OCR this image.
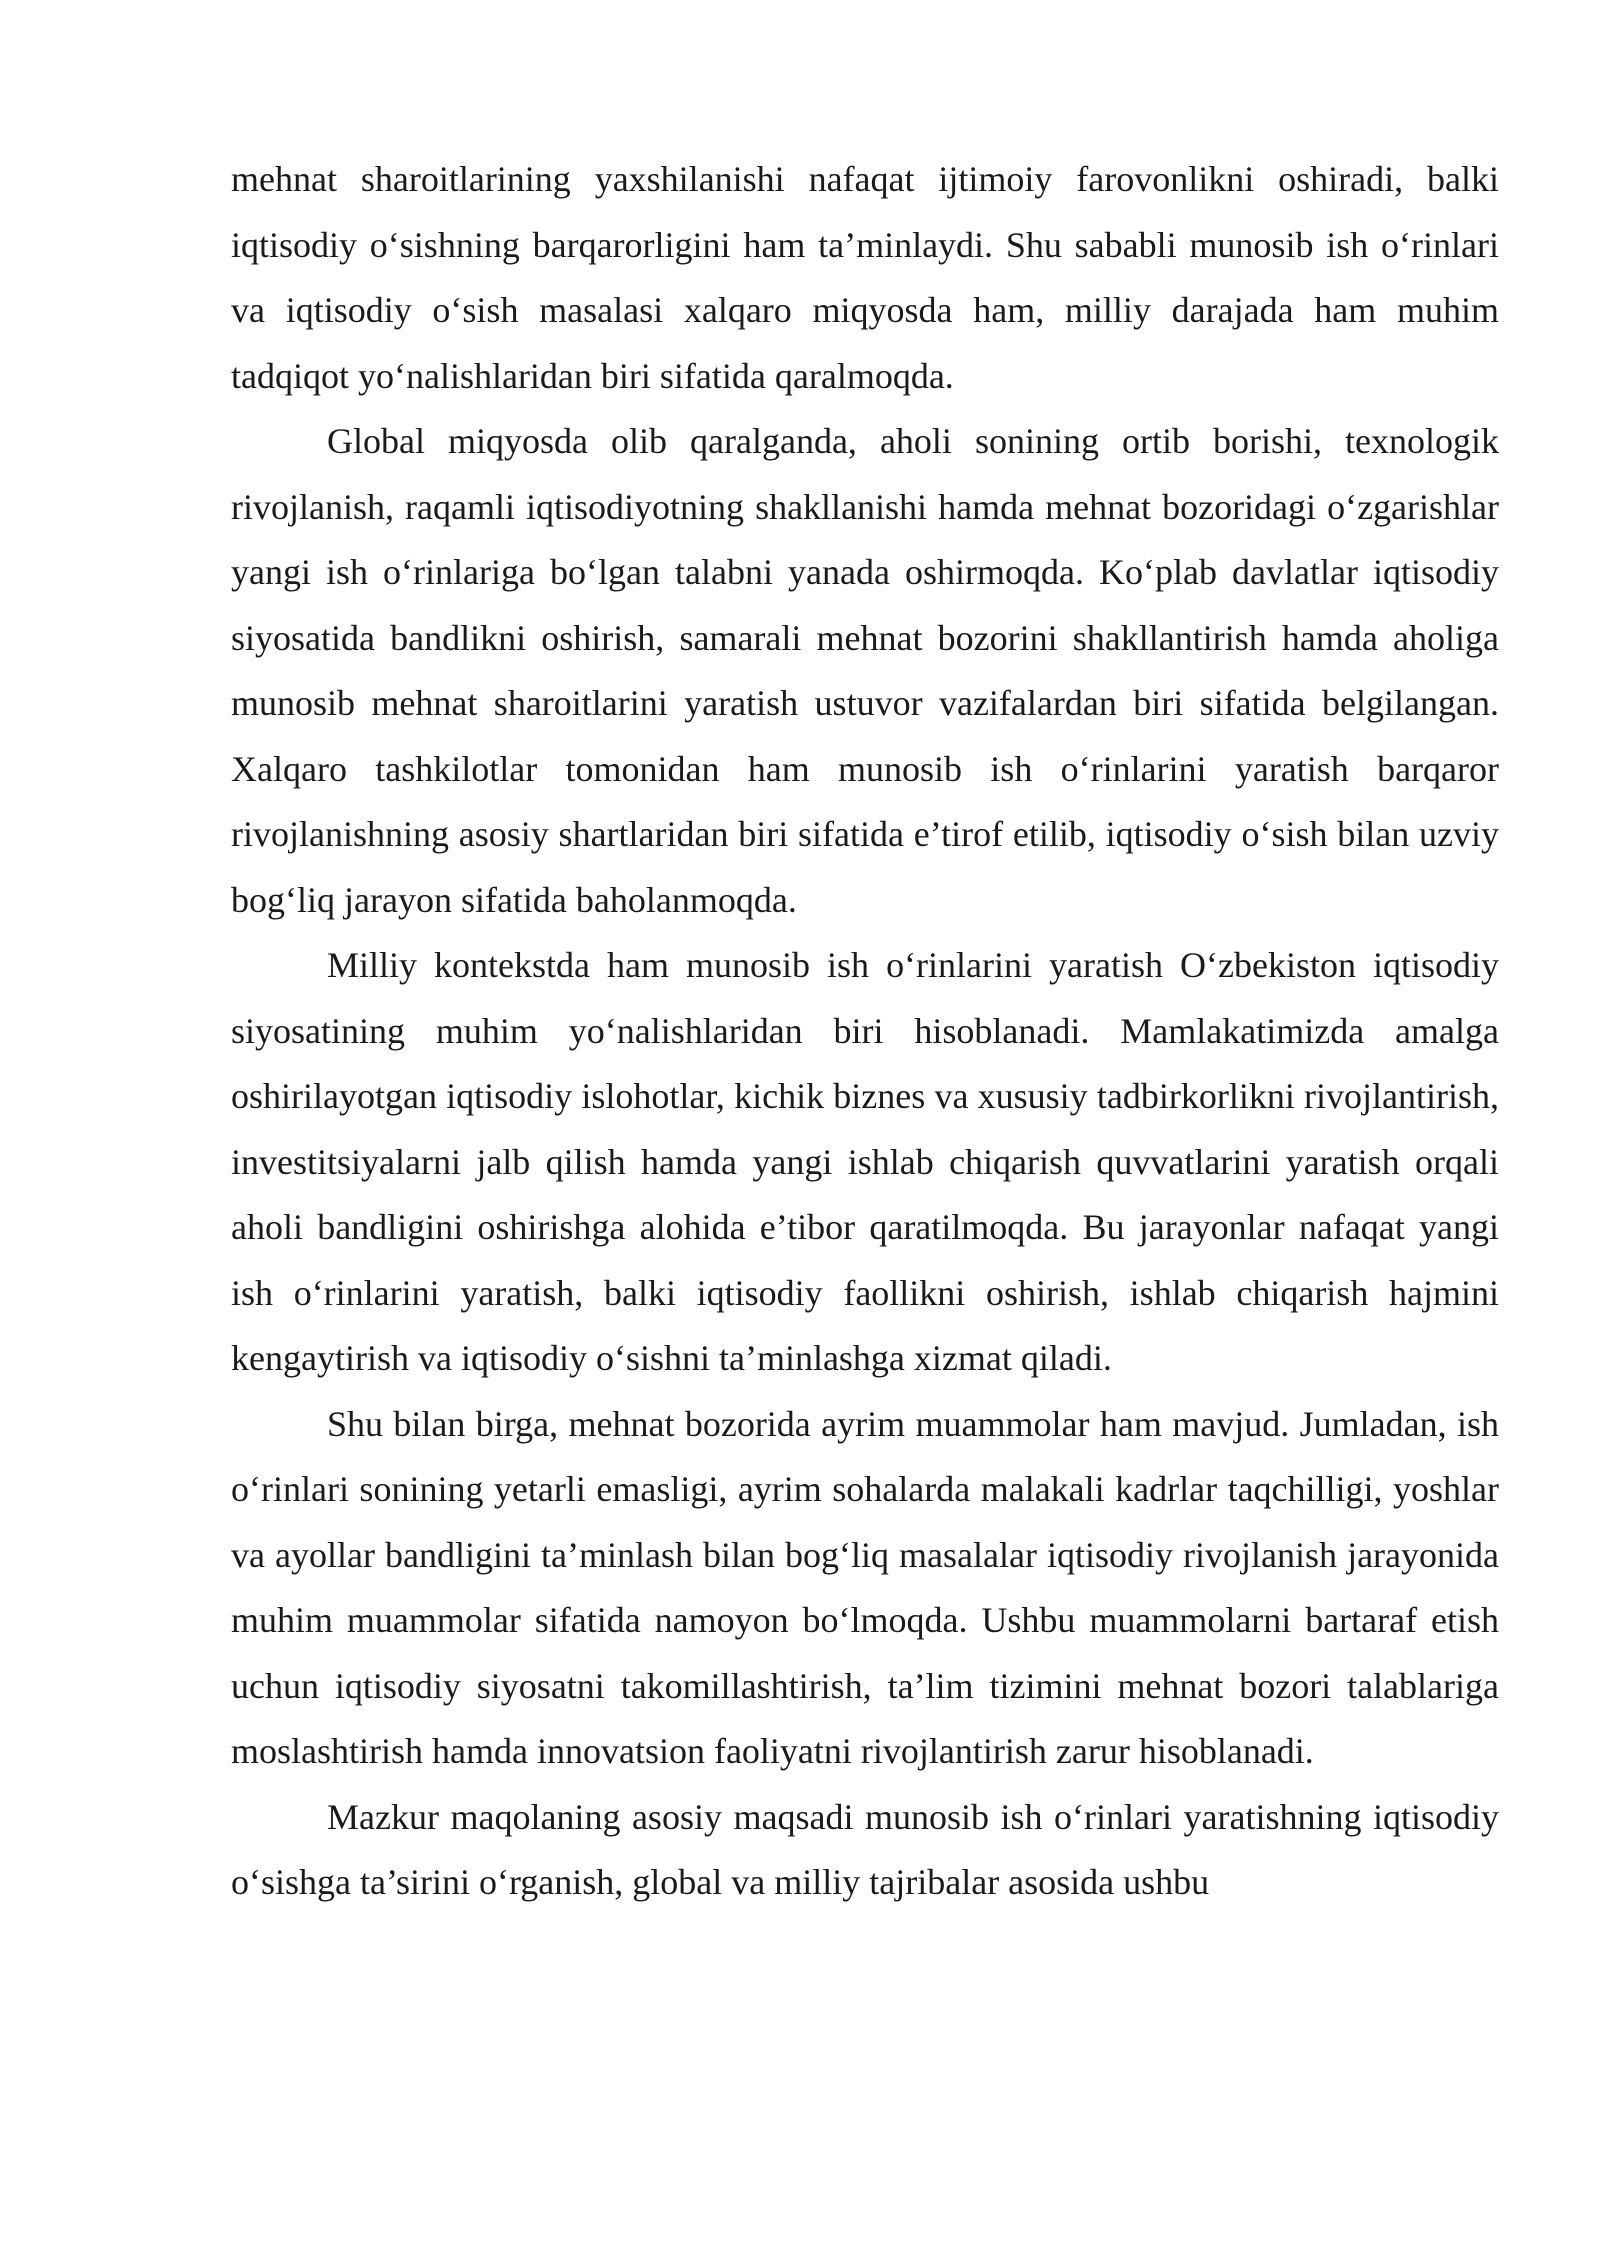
mehnat sharoitlarining yaxshilanishi nafaqat ijtimoiy farovonlikni oshiradi, balki iqtisodiy o‘sishning barqarorligini ham ta’minlaydi. Shu sababli munosib ish o‘rinlari va iqtisodiy o‘sish masalasi xalqaro miqyosda ham, milliy darajada ham muhim tadqiqot yo‘nalishlaridan biri sifatida qaralmoqda.

Global miqyosda olib qaralganda, aholi sonining ortib borishi, texnologik rivojlanish, raqamli iqtisodiyotning shakllanishi hamda mehnat bozoridagi o‘zgarishlar yangi ish o‘rinlariga bo‘lgan talabni yanada oshirmoqda. Ko‘plab davlatlar iqtisodiy siyosatida bandlikni oshirish, samarali mehnat bozorini shakllantirish hamda aholiga munosib mehnat sharoitlarini yaratish ustuvor vazifalardan biri sifatida belgilangan. Xalqaro tashkilotlar tomonidan ham munosib ish o‘rinlarini yaratish barqaror rivojlanishning asosiy shartlaridan biri sifatida e’tirof etilib, iqtisodiy o‘sish bilan uzviy bog‘liq jarayon sifatida baholanmoqda.

Milliy kontekstda ham munosib ish o‘rinlarini yaratish O‘zbekiston iqtisodiy siyosatining muhim yo‘nalishlaridan biri hisoblanadi. Mamlakatimizda amalga oshirilayotgan iqtisodiy islohotlar, kichik biznes va xususiy tadbirkorlikni rivojlantirish, investitsiyalarni jalb qilish hamda yangi ishlab chiqarish quvvatlarini yaratish orqali aholi bandligini oshirishga alohida e’tibor qaratilmoqda. Bu jarayonlar nafaqat yangi ish o‘rinlarini yaratish, balki iqtisodiy faollikni oshirish, ishlab chiqarish hajmini kengaytirish va iqtisodiy o‘sishni ta’minlashga xizmat qiladi.

Shu bilan birga, mehnat bozorida ayrim muammolar ham mavjud. Jumladan, ish o‘rinlari sonining yetarli emasligi, ayrim sohalarda malakali kadrlar taqchilligi, yoshlar va ayollar bandligini ta’minlash bilan bog‘liq masalalar iqtisodiy rivojlanish jarayonida muhim muammolar sifatida namoyon bo‘lmoqda. Ushbu muammolarni bartaraf etish uchun iqtisodiy siyosatni takomillashtirish, ta’lim tizimini mehnat bozori talablariga moslashtirish hamda innovatsion faoliyatni rivojlantirish zarur hisoblanadi.

Mazkur maqolaning asosiy maqsadi munosib ish o‘rinlari yaratishning iqtisodiy o‘sishga ta’sirini o‘rganish, global va milliy tajribalar asosida ushbu
